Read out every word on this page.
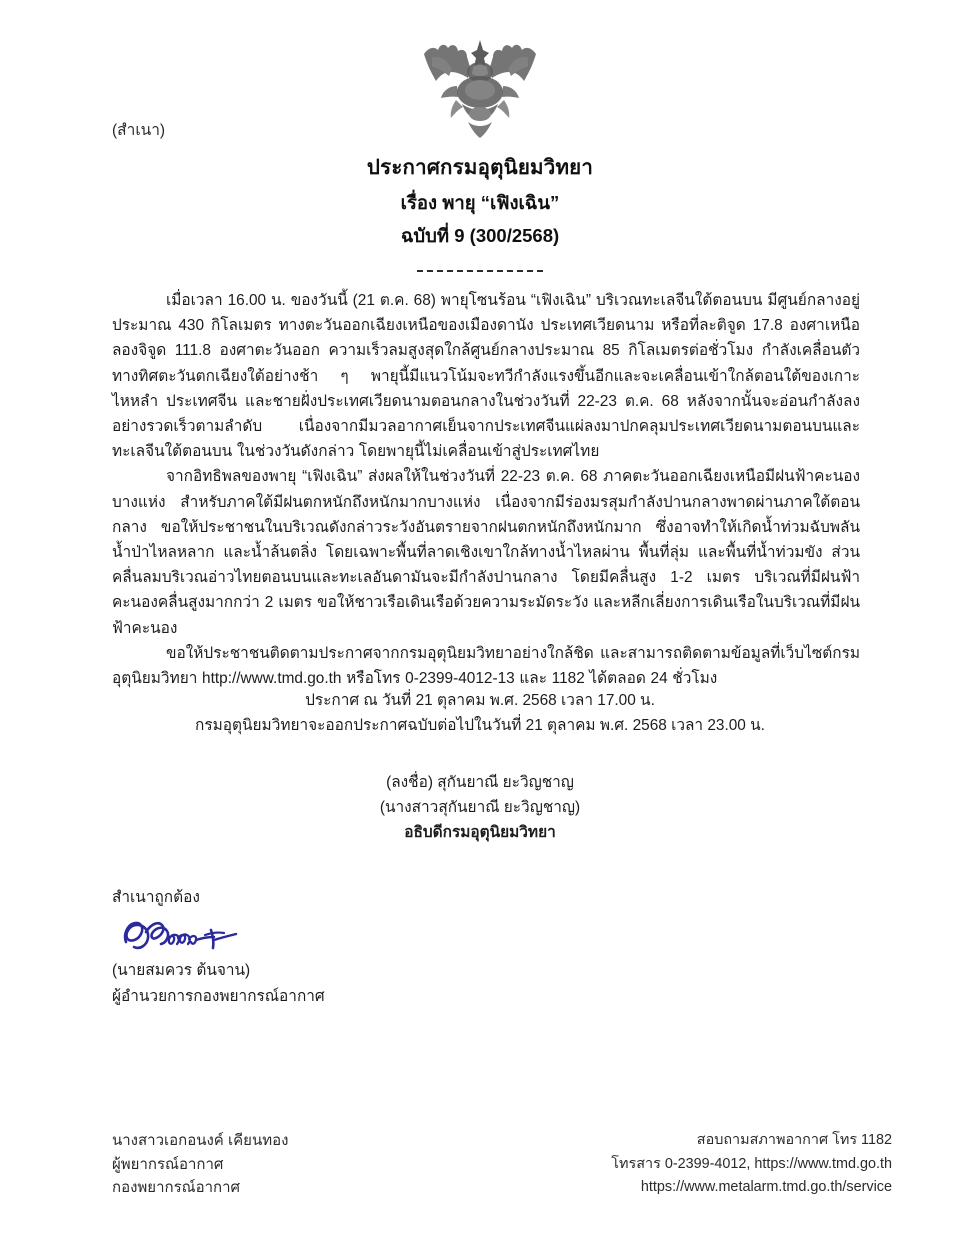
(สำเนา)
ประกาศกรมอุตุนิยมวิทยา
เรื่อง พายุ “เฟิงเฉิน”
ฉบับที่ 9 (300/2568)

เมื่อเวลา 16.00 น. ของวันนี้ (21 ต.ค. 68) พายุโซนร้อน “เฟิงเฉิน” บริเวณทะเลจีนใต้ตอนบน มีศูนย์กลางอยู่ประมาณ 430 กิโลเมตร ทางตะวันออกเฉียงเหนือของเมืองดานัง ประเทศเวียดนาม หรือที่ละติจูด 17.8 องศาเหนือ ลองจิจูด 111.8 องศาตะวันออก ความเร็วลมสูงสุดใกล้ศูนย์กลางประมาณ 85 กิโลเมตรต่อชั่วโมง กำลังเคลื่อนตัวทางทิศตะวันตกเฉียงใต้อย่างช้า ๆ พายุนี้มีแนวโน้มจะทวีกำลังแรงขึ้นอีกและจะเคลื่อนเข้าใกล้ตอนใต้ของเกาะไหหลำ ประเทศจีน และชายฝั่งประเทศเวียดนามตอนกลางในช่วงวันที่ 22-23 ต.ค. 68 หลังจากนั้นจะอ่อนกำลังลงอย่างรวดเร็วตามลำดับ เนื่องจากมีมวลอากาศเย็นจากประเทศจีนแผ่ลงมาปกคลุมประเทศเวียดนามตอนบนและทะเลจีนใต้ตอนบน ในช่วงวันดังกล่าว โดยพายุนี้ไม่เคลื่อนเข้าสู่ประเทศไทย

จากอิทธิพลของพายุ “เฟิงเฉิน” ส่งผลให้ในช่วงวันที่ 22-23 ต.ค. 68 ภาคตะวันออกเฉียงเหนือมีฝนฟ้าคะนองบางแห่ง สำหรับภาคใต้มีฝนตกหนักถึงหนักมากบางแห่ง เนื่องจากมีร่องมรสุมกำลังปานกลางพาดผ่านภาคใต้ตอน กลาง ขอให้ประชาชนในบริเวณดังกล่าวระวังอันตรายจากฝนตกหนักถึงหนักมาก ซึ่งอาจทำให้เกิดน้ำท่วมฉับพลัน น้ำป่าไหลหลาก และน้ำล้นตลิ่ง โดยเฉพาะพื้นที่ลาดเชิงเขาใกล้ทางน้ำไหลผ่าน พื้นที่ลุ่ม และพื้นที่น้ำท่วมขัง ส่วนคลื่นลมบริเวณอ่าวไทยตอนบนและทะเลอันดามันจะมีกำลังปานกลาง โดยมีคลื่นสูง 1-2 เมตร บริเวณที่มีฝนฟ้าคะนองคลื่นสูงมากกว่า 2 เมตร ขอให้ชาวเรือเดินเรือด้วยความระมัดระวัง และหลีกเลี่ยงการเดินเรือในบริเวณที่มีฝนฟ้าคะนอง

ขอให้ประชาชนติดตามประกาศจากกรมอุตุนิยมวิทยาอย่างใกล้ชิด และสามารถติดตามข้อมูลที่เว็บไซต์กรมอุตุนิยมวิทยา http://www.tmd.go.th หรือโทร 0-2399-4012-13 และ 1182 ได้ตลอด 24 ชั่วโมง

ประกาศ ณ วันที่ 21 ตุลาคม พ.ศ. 2568 เวลา 17.00 น.
กรมอุตุนิยมวิทยาจะออกประกาศฉบับต่อไปในวันที่ 21 ตุลาคม พ.ศ. 2568 เวลา 23.00 น.
(ลงชื่อ) สุกันยาณี ยะวิญชาญ
(นางสาวสุกันยาณี ยะวิญชาญ)
อธิบดีกรมอุตุนิยมวิทยา
สำเนาถูกต้อง
(นายสมควร ต้นจาน)
ผู้อำนวยการกองพยากรณ์อากาศ
นางสาวเอกอนงค์ เคียนทอง
ผู้พยากรณ์อากาศ
กองพยากรณ์อากาศ
สอบถามสภาพอากาศ โทร 1182
โทรสาร 0-2399-4012, https://www.tmd.go.th
https://www.metalarm.tmd.go.th/service
